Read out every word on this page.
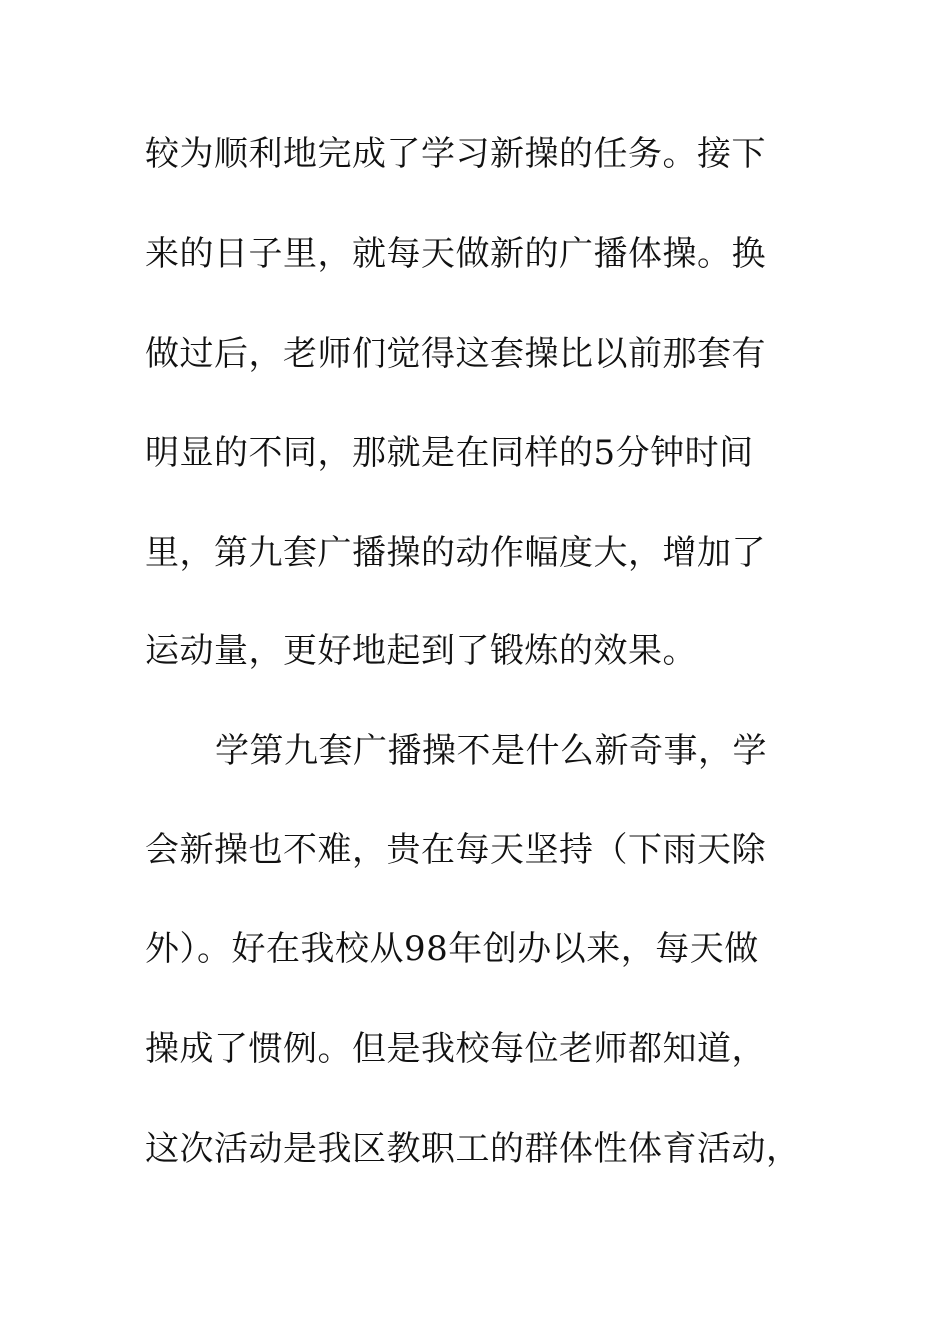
较为顺利地完成了学习新操的任务。接下
来的日子里，就每天做新的广播体操。换
做过后，老师们觉得这套操比以前那套有
明显的不同，那就是在同样的5分钟时间
里，第九套广播操的动作幅度大，增加了
运动量，更好地起到了锻炼的效果。
学第九套广播操不是什么新奇事，学
会新操也不难，贵在每天坚持（下雨天除
外）。好在我校从98年创办以来，每天做
操成了惯例。但是我校每位老师都知道，
这次活动是我区教职工的群体性体育活动，
